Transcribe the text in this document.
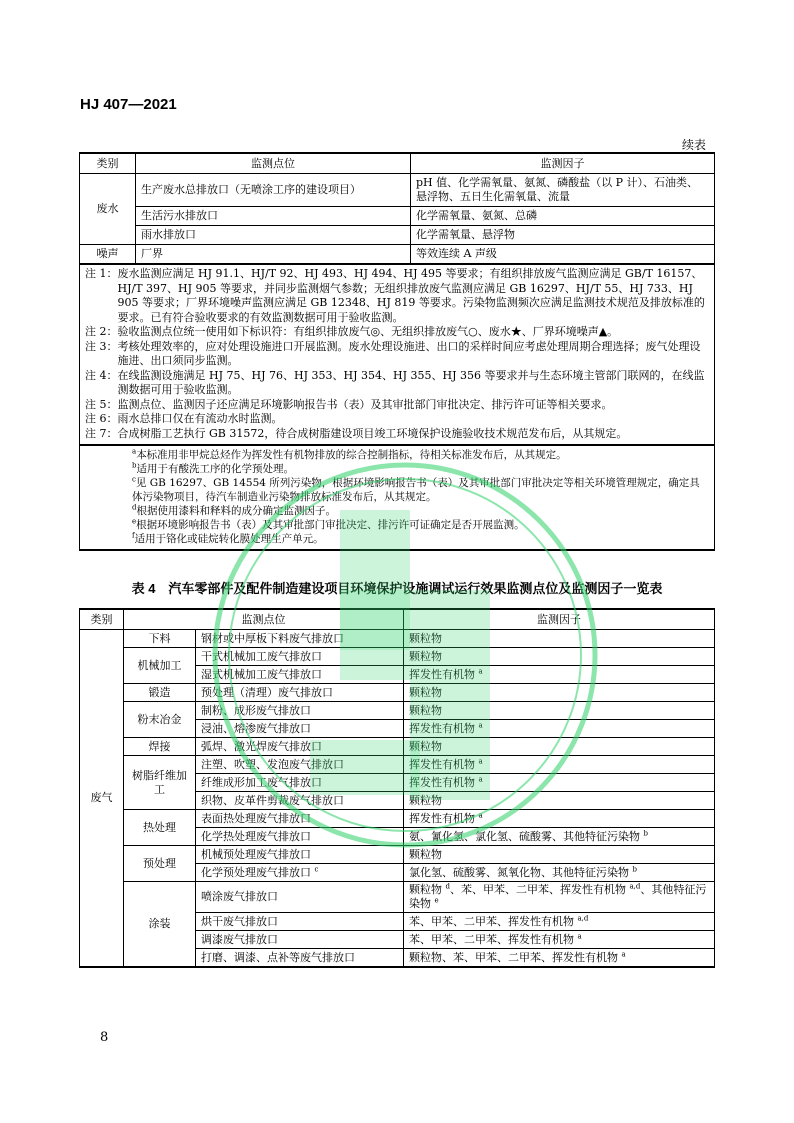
HJ 407—2021
续表
类别	监测点位	监测因子
废水	生产废水总排放口（无喷涂工序的建设项目）	pH 值、化学需氧量、氨氮、磷酸盐（以 P 计）、石油类、悬浮物、五日生化需氧量、流量
	生活污水排放口	化学需氧量、氨氮、总磷
	雨水排放口	化学需氧量、悬浮物
噪声	厂界	等效连续 A 声级
注 1： 废水监测应满足 HJ 91.1、HJ/T 92、HJ 493、HJ 494、HJ 495 等要求；有组织排放废气监测应满足 GB/T 16157、HJ/T 397、HJ 905 等要求，并同步监测烟气参数；无组织排放废气监测应满足 GB 16297、HJ/T 55、HJ 733、HJ 905 等要求；厂界环境噪声监测应满足 GB 12348、HJ 819 等要求。污染物监测频次应满足监测技术规范及排放标准的要求。已有符合验收要求的有效监测数据可用于验收监测。
注 2： 验收监测点位统一使用如下标识符：有组织排放废气◎、无组织排放废气○、废水★、厂界环境噪声▲。
注 3： 考核处理效率的，应对处理设施进口开展监测。废水处理设施进、出口的采样时间应考虑处理周期合理选择；废气处理设施进、出口须同步监测。
注 4： 在线监测设施满足 HJ 75、HJ 76、HJ 353、HJ 354、HJ 355、HJ 356 等要求并与生态环境主管部门联网的，在线监测数据可用于验收监测。
注 5： 监测点位、监测因子还应满足环境影响报告书（表）及其审批部门审批决定、排污许可证等相关要求。
注 6： 雨水总排口仅在有流动水时监测。
注 7： 合成树脂工艺执行 GB 31572，待合成树脂建设项目竣工环境保护设施验收技术规范发布后，从其规定。
$^a$本标准用非甲烷总烃作为挥发性有机物排放的综合控制指标，待相关标准发布后，从其规定。
$^b$适用于有酸洗工序的化学预处理。
$^c$见 GB 16297、GB 14554 所列污染物，根据环境影响报告书（表）及其审批部门审批决定等相关环境管理规定，确定具体污染物项目，待汽车制造业污染物排放标准发布后，从其规定。
$^d$根据使用漆料和释料的成分确定监测因子。
$^e$根据环境影响报告书（表）及其审批部门审批决定、排污许可证确定是否开展监测。
$^f$适用于铬化或硅烷转化膜处理生产单元。
表 4　汽车零部件及配件制造建设项目环境保护设施调试运行效果监测点位及监测因子一览表
类别	监测点位		监测因子
废气	下料	钢材或中厚板下料废气排放口	颗粒物
	机械加工	干式机械加工废气排放口	颗粒物
		湿式机械加工废气排放口	挥发性有机物 $^a$
	锻造	预处理（清理）废气排放口	颗粒物
	粉末冶金	制粉、成形废气排放口	颗粒物
		浸油、熔渗废气排放口	挥发性有机物 $^a$
	焊接	弧焊、激光焊废气排放口	颗粒物
	树脂纤维加工	注塑、吹塑、发泡废气排放口	挥发性有机物 $^a$
		纤维成形加工废气排放口	挥发性有机物 $^a$
		织物、皮革件剪裁废气排放口	颗粒物
	热处理	表面热处理废气排放口	挥发性有机物 $^a$
		化学热处理废气排放口	氨、氰化氢、氯化氢、硫酸雾、其他特征污染物 $^b$
	预处理	机械预处理废气排放口	颗粒物
		化学预处理废气排放口 $^c$	氯化氢、硫酸雾、氮氧化物、其他特征污染物 $^b$
	涂装	喷涂废气排放口	颗粒物 $^d$、苯、甲苯、二甲苯、挥发性有机物 $^{a,d}$、其他特征污染物 $^e$
		烘干废气排放口	苯、甲苯、二甲苯、挥发性有机物 $^{a,d}$
		调漆废气排放口	苯、甲苯、二甲苯、挥发性有机物 $^a$
		打磨、调漆、点补等废气排放口	颗粒物、苯、甲苯、二甲苯、挥发性有机物 $^a$
8
